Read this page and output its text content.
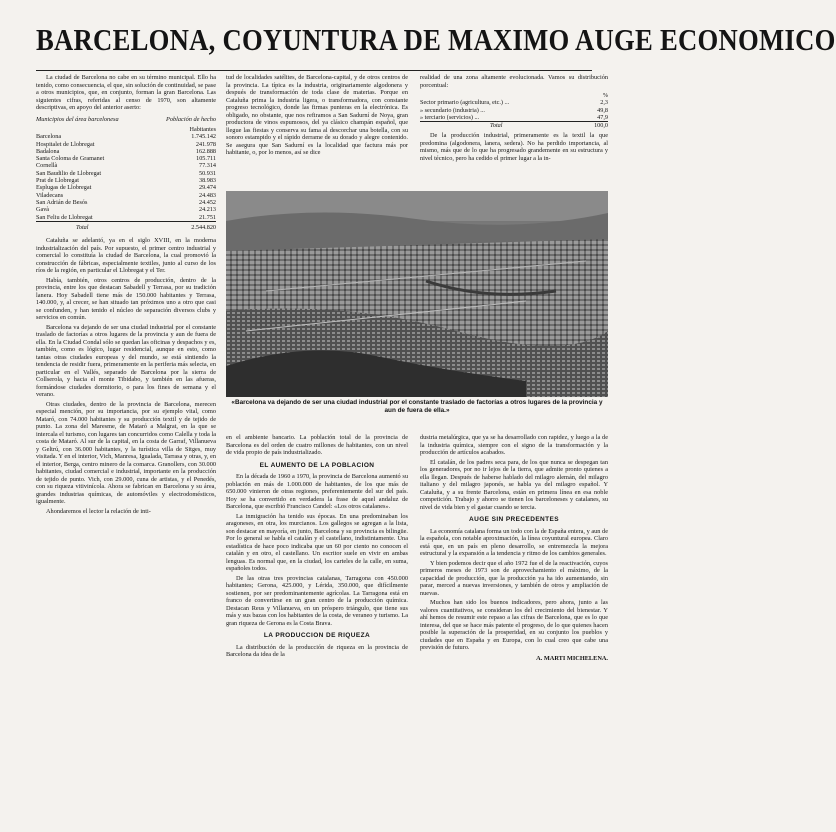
BARCELONA, COYUNTURA DE MAXIMO AUGE ECONOMICO

La ciudad de Barcelona no cabe en su término municipal. Ello ha tenido, como consecuencia, el que, sin solución de continuidad, se pase a otros municipios, que, en conjunto, forman la gran Barcelona. Las siguientes cifras, referidas al censo de 1970, son altamente descriptivas, en apoyo del anterior aserto:

Municipios del área barcelonesa	Población de hecho
	Habitantes
Barcelona	1.745.142
Hospitalet de Llobregat	241.978
Badalona	162.888
Santa Coloma de Gramanet	105.711
Cornellà	77.314
San Baudilio de Llobregat	50.931
Prat de Llobregat	38.983
Esplugas de Llobregat	29.474
Viladecans	24.483
San Adrián de Besós	24.452
Gavà	24.213
San Feliu de Llobregat	21.751
Total	2.544.820

Cataluña se adelantó, ya en el siglo XVIII, en la moderna industrialización del país. Por supuesto, el primer centro industrial y comercial lo constituía la ciudad de Barcelona, la cual promovió la construcción de fábricas, especialmente textiles, junto al curso de los ríos de la región, en particular el Llobregat y el Ter.

Había, también, otros centros de producción, dentro de la provincia, entre los que destacan Sabadell y Terrasa, por su tradición lanera. Hoy Sabadell tiene más de 150.000 habitantes y Terrasa, 140.000, y, al crecer, se han situado tan próximos uno a otro que casi se confunden, y han tenido el núcleo de separación diversos clubs y servicios en común.

Barcelona va dejando de ser una ciudad industrial por el constante traslado de factorías a otros lugares de la provincia y aun de fuera de ella. En la Ciudad Condal sólo se quedan las oficinas y despachos y es, también, como es lógico, lugar residencial, aunque en esto, como tantas otras ciudades europeas y del mundo, se está sintiendo la tendencia de residir fuera, primeramente en la periferia más selecta, en particular en el Vallés, separado de Barcelona por la sierra de Collserola, y hacia el monte Tibidabo, y también en las afueras, formándose ciudades dormitorio, o para los fines de semana y el verano.

Otras ciudades, dentro de la provincia de Barcelona, merecen especial mención, por su importancia, por su ejemplo vital, como Mataró, con 74.000 habitantes y su producción textil y de tejido de punto. La zona del Maresme, de Mataró a Malgrat, en la que se intercala el turismo, con lugares tan concurridos como Calella y toda la costa de Mataró. Al sur de la capital, en la costa de Garraf, Villanueva y Geltrú, con 36.000 habitantes, y la turística villa de Sitges, muy visitada. Y en el interior, Vich, Manresa, Igualada, Tarrasa y otras, y, en el interior, Berga, centro minero de la comarca. Granollers, con 30.000 habitantes, ciudad comercial e industrial, importante en la producción de tejido de punto. Vich, con 29.000, cuna de artistas, y el Penedés, con su riqueza vitivinícola. Ahora se fabrican en Barcelona y su área, grandes industrias químicas, de automóviles y electrodomésticos, igualmente.

Ahondaremos el lector la relación de inti-

tud de localidades satélites, de Barcelona-capital, y de otros centros de la provincia. La típica es la industria, originariamente algodonera y después de transformación de toda clase de materias. Porque en Cataluña prima la industria ligera, o transformadora, con constante progreso tecnológico, donde las firmas punteras en la electrónica. Es obligado, no obstante, que nos refiramos a San Sadurní de Noya, gran productora de vinos espumosos, del ya clásico champán español, que llegue las fiestas y conserva su fama al descorchar una botella, con su sonoro estampido y el rápido derrame de su dorado y alegre contenido. Se asegura que San Sadurní es la localidad que factura más por habitante, o, por lo menos, así se dice

realidad de una zona altamente evolucionada. Vamos su distribución porcentual:

	%
Sector primario (agricultura, etc.) ...	2,3
» secundario (industria) ...	49,8
» terciario (servicios) ...	47,9
Total	100,0

De la producción industrial, primeramente es la textil la que predomina (algodonera, lanera, sedera). No ha perdido importancia, al mismo, más que de lo que ha progresado grandemente en su estructura y nivel técnico, pero ha cedido el primer lugar a la in-

«Barcelona va dejando de ser una ciudad industrial por el constante traslado de factorías a otros lugares de la provincia y aun de fuera de ella.»

en el ambiente bancario. La población total de la provincia de Barcelona es del orden de cuatro millones de habitantes, con un nivel de vida propio de país industrializado.

EL AUMENTO DE LA POBLACION

En la década de 1960 a 1970, la provincia de Barcelona aumentó su población en más de 1.000.000 de habitantes, de los que más de 650.000 vinieron de otras regiones, preferentemente del sur del país. Hoy se ha convertido en verdadera la frase de aquel andaluz de Barcelona, que escribió Francisco Candel: «Los otros catalanes».

La inmigración ha tenido sus épocas. En una predominaban los aragoneses, en otra, los murcianos. Los gallegos se agregan a la lista, son destacar en mayoría, en junto, Barcelona y su provincia es bilingüe. Por lo general se habla el catalán y el castellano, indistintamente. Una estadística de hace poco indicaba que un 60 por ciento no conocen el catalán y en otro, el castellano. Un escritor suele en vivir en ambas lenguas. Es normal que, en la ciudad, los carteles de la calle, en suma, españoles todos.

De las otras tres provincias catalanas, Tarragona con 450.000 habitantes; Gerona, 425.000, y Lérida, 350.000, que difícilmente sostienen, por ser predominantemente agrícolas. La Tarragona está en franco de convertirse en un gran centro de la producción química. Destacan Reus y Villanueva, en un próspero triángulo, que tiene sus más y sus bazas con los habitantes de la costa, de veraneo y turismo. La gran riqueza de Gerona es la Costa Brava.

LA PRODUCCION DE RIQUEZA

La distribución de la producción de riqueza en la provincia de Barcelona da idea de la

dustria metalúrgica, que ya se ha desarrollado con rapidez, y luego a la de la industria química, siempre con el signo de la transformación y la producción de artículos acabados.

El catalán, de los padres seca para, de los que nunca se despegan tan los generadores, por no ir lejos de la tierra, que admite pronto quienes a ella llegan. Después de haberse hablado del milagro alemán, del milagro italiano y del milagro japonés, se habla ya del milagro español. Y Cataluña, y a su frente Barcelona, están en primera línea en esa noble competición. Trabajo y ahorro se tienen los barceloneses y catalanes, su nivel de vida bien y el gastar cuando se tercia.

AUGE SIN PRECEDENTES

La economía catalana forma un todo con la de España entera, y aun de la española, con notable aproximación, la línea coyuntural europea. Claro está que, en un país en pleno desarrollo, se entremezcla la mejora estructural y la expansión a la tendencia y ritmo de los cambios generales.

Y bien podemos decir que el año 1972 fue el de la reactivación, cuyos primeros meses de 1973 son de aprovechamiento el máximo, de la capacidad de producción, que la producción ya ha ido aumentando, sin parar, merced a nuevas inversiones, y también de otros y ampliación de nuevas.

Muchos han sido los buenos indicadores, pero ahora, junto a las valores cuantitativos, se consideran los del crecimiento del bienestar. Y ahí hemos de resumir este repaso a las cifras de Barcelona, que es lo que interesa, del que se hace más patente el progreso, de lo que quienes hacen posible la superación de la prosperidad, en su conjunto los pueblos y ciudades que en España y en Europa, con lo cual creo que cabe una previsión de futuro.

A. MARTI MICHELENA.
